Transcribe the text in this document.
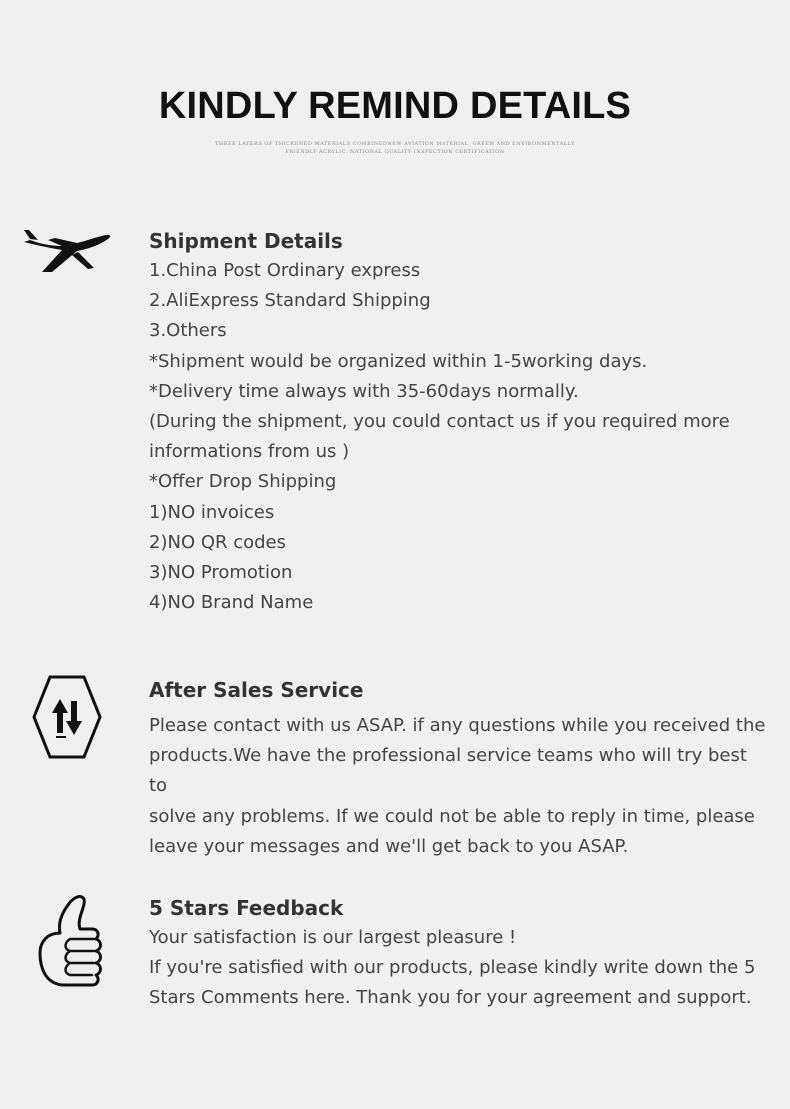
KINDLY REMIND DETAILS
THREE LAYERS OF THICKENED MATERIALS COMBINEDNEW AVIATION MATERIAL, GREEN AND ENVIRONMENTALLY FRIENDLY ACRYLIC, NATIONAL QUALITY INSPECTION CERTIFICATION
Shipment Details
1.China Post Ordinary express
2.AliExpress Standard Shipping
3.Others
*Shipment would be organized within 1-5working days.
*Delivery time always with 35-60days normally.
(During the shipment, you could contact us if you required more
informations from us )
*Offer Drop Shipping
1)NO invoices
2)NO QR codes
3)NO Promotion
4)NO Brand Name
After Sales Service
Please contact with us ASAP. if any questions while you received the
products.We have the professional service teams who will try best to
solve any problems. If we could not be able to reply in time, please
leave your messages and we'll get back to you ASAP.
5 Stars Feedback
Your satisfaction is our largest pleasure !
If you're satisfied with our products, please kindly write down the 5
Stars Comments here. Thank you for your agreement and support.
